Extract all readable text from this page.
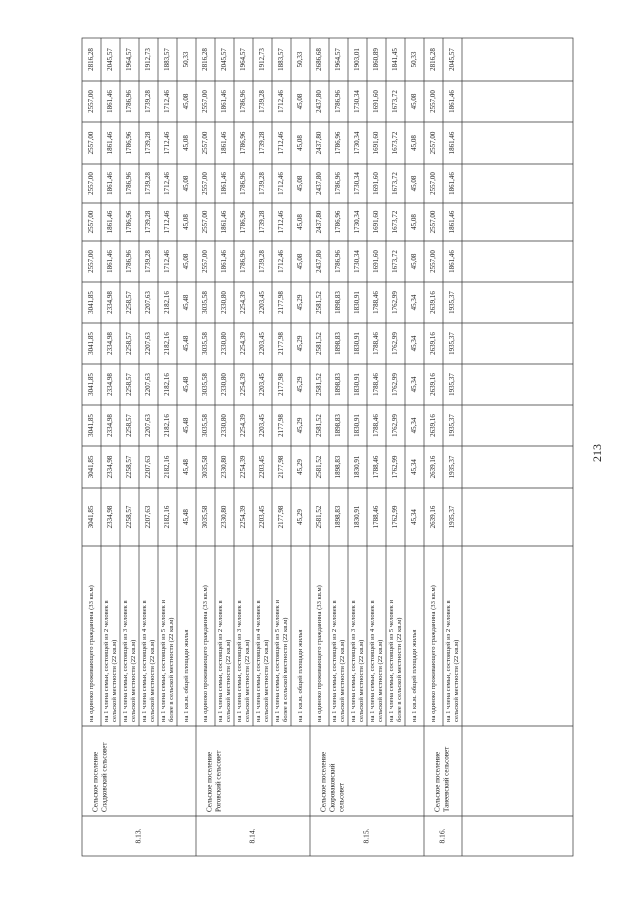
на одиноко проживающего гражданина (33 кв.м)
3041,85
3041,85
3041,85
3041,85
3041,85
3041,85
2557,00
2557,00
2557,00
2557,00
2557,00
2816,28
на 1 члена семьи, состоящей из 2 человек в сельской местности (22 кв.м)
2334,98
2334,98
2334,98
2334,98
2334,98
2334,98
1861,46
1861,46
1861,46
1861,46
1861,46
2045,57
на 1 члена семьи, состоящей из 3 человек в сельской местности (22 кв.м)
2258,57
2258,57
2258,57
2258,57
2258,57
2258,57
1786,96
1786,96
1786,96
1786,96
1786,96
1964,57
на 1 члена семьи, состоящей из 4 человек в сельской местности (22 кв.м)
2207,63
2207,63
2207,63
2207,63
2207,63
2207,63
1739,28
1739,28
1739,28
1739,28
1739,28
1912,73
на 1 члена семьи, состоящей из 5 человек и более в сельской местности (22 кв.м)
2182,16
2182,16
2182,16
2182,16
2182,16
2182,16
1712,46
1712,46
1712,46
1712,46
1712,46
1883,57
на 1 кв.м. общей площади жилья
45,48
45,48
45,48
45,48
45,48
45,48
45,08
45,08
45,08
45,08
45,08
50,33
Сельское поселение Сладковский сельсовет
8.13.
на одиноко проживающего гражданина (33 кв.м)
3035,58
3035,58
3035,58
3035,58
3035,58
3035,58
2557,00
2557,00
2557,00
2557,00
2557,00
2816,28
на 1 члена семьи, состоящей из 2 человек в сельской местности (22 кв.м)
2330,80
2330,80
2330,80
2330,80
2330,80
2330,80
1861,46
1861,46
1861,46
1861,46
1861,46
2045,57
на 1 члена семьи, состоящей из 3 человек в сельской местности (22 кв.м)
2254,39
2254,39
2254,39
2254,39
2254,39
2254,39
1786,96
1786,96
1786,96
1786,96
1786,96
1964,57
на 1 члена семьи, состоящей из 4 человек в сельской местности (22 кв.м)
2203,45
2203,45
2203,45
2203,45
2203,45
2203,45
1739,28
1739,28
1739,28
1739,28
1739,28
1912,73
на 1 члена семьи, состоящей из 5 человек и более в сельской местности (22 кв.м)
2177,98
2177,98
2177,98
2177,98
2177,98
2177,98
1712,46
1712,46
1712,46
1712,46
1712,46
1883,57
на 1 кв.м. общей площади жилья
45,29
45,29
45,29
45,29
45,29
45,29
45,08
45,08
45,08
45,08
45,08
50,33
Сельское поселение Роговский сельсовет
8.14.
на одиноко проживающего гражданина (33 кв.м)
2581,52
2581,52
2581,52
2581,52
2581,52
2581,52
2437,80
2437,80
2437,80
2437,80
2437,80
2686,68
на 1 члена семьи, состоящей из 2 человек в сельской местности (22 кв.м)
1898,83
1898,83
1898,83
1898,83
1898,83
1898,83
1786,96
1786,96
1786,96
1786,96
1786,96
1964,57
на 1 члена семьи, состоящей из 3 человек в сельской местности (22 кв.м)
1830,91
1830,91
1830,91
1830,91
1830,91
1830,91
1730,34
1730,34
1730,34
1730,34
1730,34
1903,01
на 1 члена семьи, состоящей из 4 человек в сельской местности (22 кв.м)
1788,46
1788,46
1788,46
1788,46
1788,46
1788,46
1691,60
1691,60
1691,60
1691,60
1691,60
1860,89
на 1 члена семьи, состоящей из 5 человек и более в сельской местности (22 кв.м)
1762,99
1762,99
1762,99
1762,99
1762,99
1762,99
1673,72
1673,72
1673,72
1673,72
1673,72
1841,45
на 1 кв.м. общей площади жилья
45,34
45,34
45,34
45,34
45,34
45,34
45,08
45,08
45,08
45,08
45,08
50,33
Сельское поселение Скороваковский сельсовет
8.15.
на одиноко проживающего гражданина (33 кв.м)
2639,16
2639,16
2639,16
2639,16
2639,16
2639,16
2557,00
2557,00
2557,00
2557,00
2557,00
2816,28
на 1 члена семьи, состоящей из 2 человек в сельской местности (22 кв.м)
1935,37
1935,37
1935,37
1935,37
1935,37
1935,37
1861,46
1861,46
1861,46
1861,46
1861,46
2045,57
Сельское поселение Танеевский сельсовет
8.16.
213
